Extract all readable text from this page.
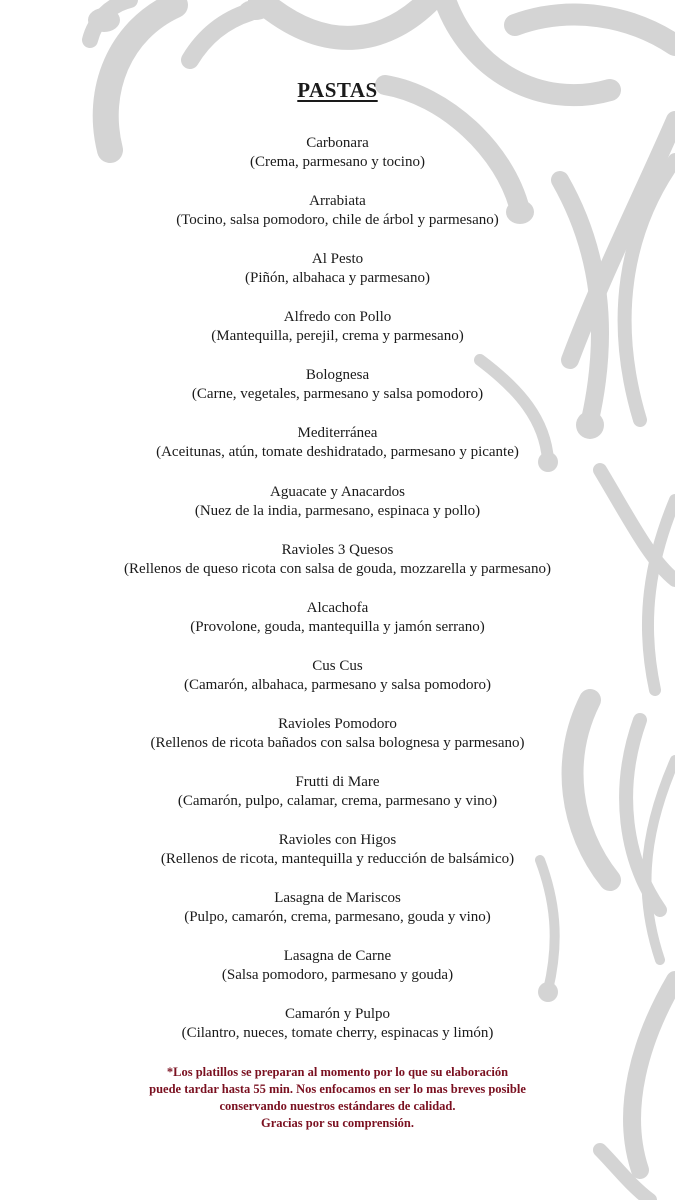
PASTAS
Carbonara
(Crema, parmesano y tocino)
Arrabiata
(Tocino, salsa pomodoro, chile de árbol y parmesano)
Al Pesto
(Piñón, albahaca y parmesano)
Alfredo con Pollo
(Mantequilla, perejil, crema y parmesano)
Bolognesa
(Carne, vegetales, parmesano y salsa pomodoro)
Mediterránea
(Aceitunas, atún, tomate deshidratado, parmesano y picante)
Aguacate y Anacardos
(Nuez de la india, parmesano, espinaca y pollo)
Ravioles 3 Quesos
(Rellenos de queso ricota con salsa de gouda, mozzarella y parmesano)
Alcachofa
(Provolone, gouda, mantequilla y jamón serrano)
Cus Cus
(Camarón, albahaca, parmesano y salsa pomodoro)
Ravioles Pomodoro
(Rellenos de ricota bañados con salsa bolognesa y parmesano)
Frutti di Mare
(Camarón, pulpo, calamar, crema, parmesano y vino)
Ravioles con Higos
(Rellenos de ricota, mantequilla y reducción de balsámico)
Lasagna de Mariscos
(Pulpo, camarón, crema, parmesano, gouda y vino)
Lasagna de Carne
(Salsa pomodoro, parmesano y gouda)
Camarón y Pulpo
(Cilantro, nueces, tomate cherry, espinacas y limón)
*Los platillos se preparan al momento por lo que su elaboración
puede tardar hasta 55 min. Nos enfocamos en ser lo mas breves posible
conservando nuestros estándares de calidad.
Gracias por su comprensión.
